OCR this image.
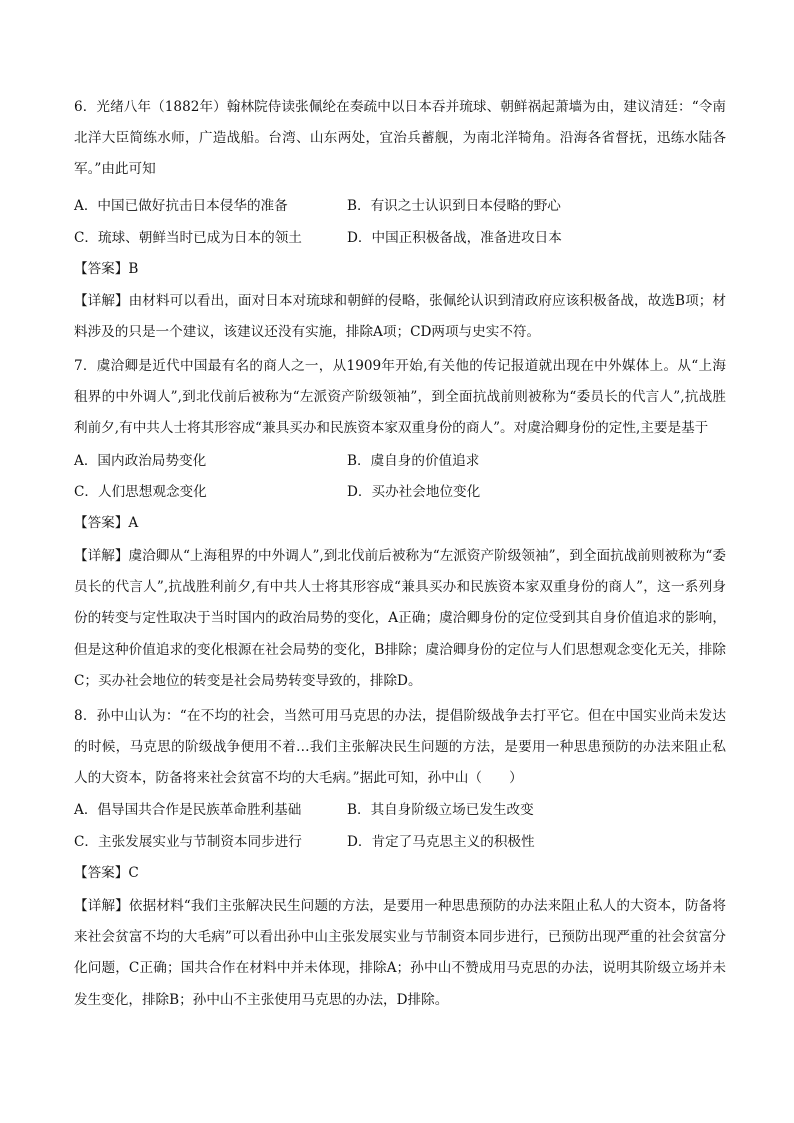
6．光绪八年（1882年）翰林院侍读张佩纶在奏疏中以日本吞并琉球、朝鲜祸起萧墙为由，建议清廷：“令南北洋大臣简练水师，广造战船。台湾、山东两处，宜治兵蓄舰，为南北洋犄角。沿海各省督抚，迅练水陆各军。”由此可知

A．中国已做好抗击日本侵华的准备	B．有识之士认识到日本侵略的野心
C．琉球、朝鲜当时已成为日本的领土	D．中国正积极备战，准备进攻日本
【答案】B

【详解】由材料可以看出，面对日本对琉球和朝鲜的侵略，张佩纶认识到清政府应该积极备战，故选B项；材料涉及的只是一个建议，该建议还没有实施，排除A项；CD两项与史实不符。

7．虞洽卿是近代中国最有名的商人之一，从1909年开始,有关他的传记报道就出现在中外媒体上。从“上海租界的中外调人”,到北伐前后被称为“左派资产阶级领袖”，到全面抗战前则被称为“委员长的代言人”,抗战胜利前夕,有中共人士将其形容成“兼具买办和民族资本家双重身份的商人”。对虞洽卿身份的定性,主要是基于

A．国内政治局势变化	B．虞自身的价值追求
C．人们思想观念变化	D．买办社会地位变化
【答案】A

【详解】虞洽卿从“上海租界的中外调人”,到北伐前后被称为“左派资产阶级领袖”，到全面抗战前则被称为“委员长的代言人”,抗战胜利前夕,有中共人士将其形容成“兼具买办和民族资本家双重身份的商人”，这一系列身份的转变与定性取决于当时国内的政治局势的变化，A正确；虞洽卿身份的定位受到其自身价值追求的影响，但是这种价值追求的变化根源在社会局势的变化，B排除；虞洽卿身份的定位与人们思想观念变化无关，排除C；买办社会地位的转变是社会局势转变导致的，排除D。

8．孙中山认为：“在不均的社会，当然可用马克思的办法，提倡阶级战争去打平它。但在中国实业尚未发达的时候，马克思的阶级战争便用不着…我们主张解决民生问题的方法，是要用一种思患预防的办法来阻止私人的大资本，防备将来社会贫富不均的大毛病。”据此可知，孙中山（　　）

A．倡导国共合作是民族革命胜利基础	B．其自身阶级立场已发生改变
C．主张发展实业与节制资本同步进行	D．肯定了马克思主义的积极性
【答案】C

【详解】依据材料“我们主张解决民生问题的方法，是要用一种思患预防的办法来阻止私人的大资本，防备将来社会贫富不均的大毛病”可以看出孙中山主张发展实业与节制资本同步进行，已预防出现严重的社会贫富分化问题，C正确；国共合作在材料中并未体现，排除A；孙中山不赞成用马克思的办法，说明其阶级立场并未发生变化，排除B；孙中山不主张使用马克思的办法，D排除。
